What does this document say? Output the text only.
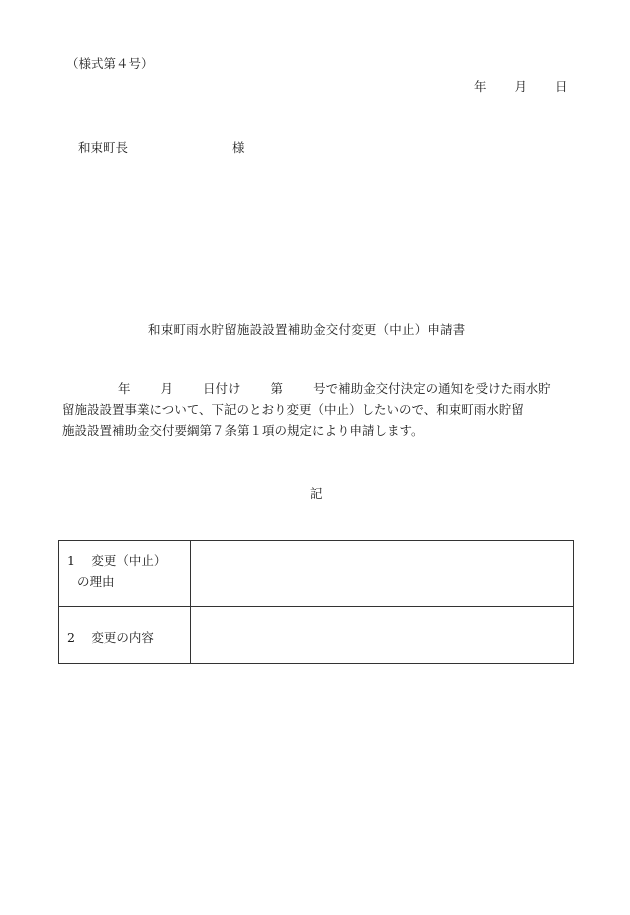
（様式第４号）
年 月 日
和束町長	様
和束町雨水貯留施設設置補助金交付変更（中止）申請書
年 月 日付け 第 号で補助金交付決定の通知を受けた雨水貯
留施設設置事業について、下記のとおり変更（中止）したいので、和束町雨水貯留
施設設置補助金交付要綱第７条第１項の規定により申請します。
記
1　 変更（中止）
の理由	

2　 変更の内容	
